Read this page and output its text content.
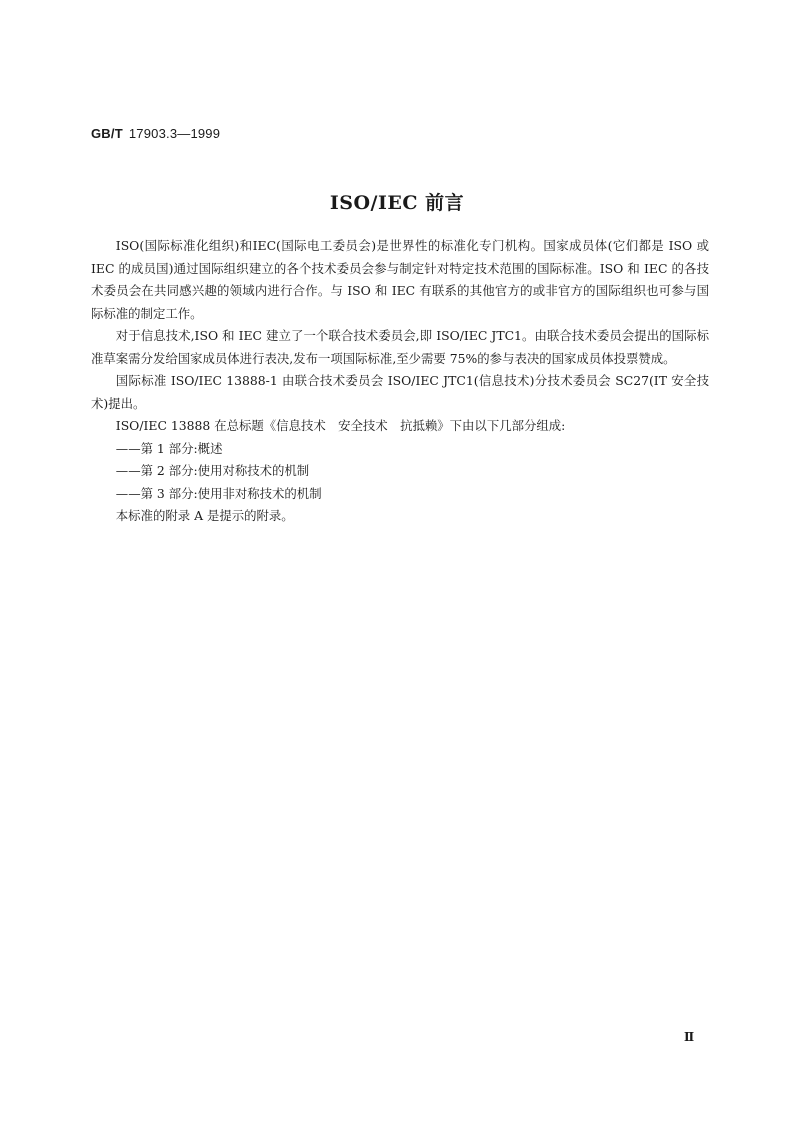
GB/T 17903.3—1999
ISO/IEC 前言

ISO(国际标准化组织)和IEC(国际电工委员会)是世界性的标准化专门机构。国家成员体(它们都是 ISO 或 IEC 的成员国)通过国际组织建立的各个技术委员会参与制定针对特定技术范围的国际标准。ISO 和 IEC 的各技术委员会在共同感兴趣的领域内进行合作。与 ISO 和 IEC 有联系的其他官方的或非官方的国际组织也可参与国际标准的制定工作。

对于信息技术,ISO 和 IEC 建立了一个联合技术委员会,即 ISO/IEC JTC1。由联合技术委员会提出的国际标准草案需分发给国家成员体进行表决,发布一项国际标准,至少需要 75%的参与表决的国家成员体投票赞成。

国际标准 ISO/IEC 13888-1 由联合技术委员会 ISO/IEC JTC1(信息技术)分技术委员会 SC27(IT 安全技术)提出。

ISO/IEC 13888 在总标题《信息技术　安全技术　抗抵赖》下由以下几部分组成:

——第 1 部分:概述

——第 2 部分:使用对称技术的机制

——第 3 部分:使用非对称技术的机制

本标准的附录 A 是提示的附录。

Ⅱ
